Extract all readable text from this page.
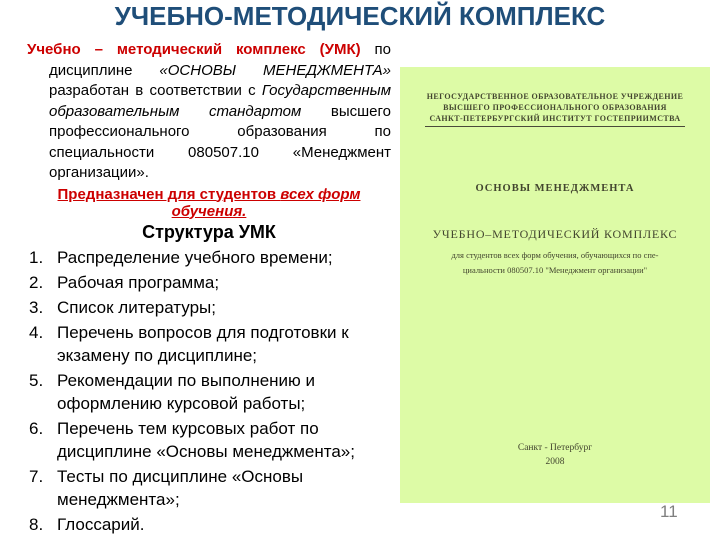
УЧЕБНО-МЕТОДИЧЕСКИЙ КОМПЛЕКС

Учебно – методический комплекс (УМК) по дисциплине «ОСНОВЫ МЕНЕДЖМЕНТА» разработан в соответствии с Государственным образовательным стандартом высшего профессионального образования по специальности 080507.10 «Менеджмент организации».

Предназначен для студентов всех форм обучения.

Структура УМК
Распределение учебного времени;
Рабочая программа;
Список литературы;
Перечень вопросов для подготовки к экзамену по дисциплине;
Рекомендации по выполнению и оформлению курсовой работы;
Перечень тем курсовых работ по дисциплине «Основы менеджмента»;
Тесты по дисциплине «Основы менеджмента»;
Глоссарий.
НЕГОСУДАРСТВЕННОЕ ОБРАЗОВАТЕЛЬНОЕ УЧРЕЖДЕНИЕ
ВЫСШЕГО ПРОФЕССИОНАЛЬНОГО ОБРАЗОВАНИЯ
САНКТ-ПЕТЕРБУРГСКИЙ ИНСТИТУТ ГОСТЕПРИИМСТВА
ОСНОВЫ МЕНЕДЖМЕНТА
УЧЕБНО–МЕТОДИЧЕСКИЙ КОМПЛЕКС
для студентов всех форм обучения, обучающихся по спе-
циальности 080507.10 "Менеджмент организации"
Санкт - Петербург
2008
11
